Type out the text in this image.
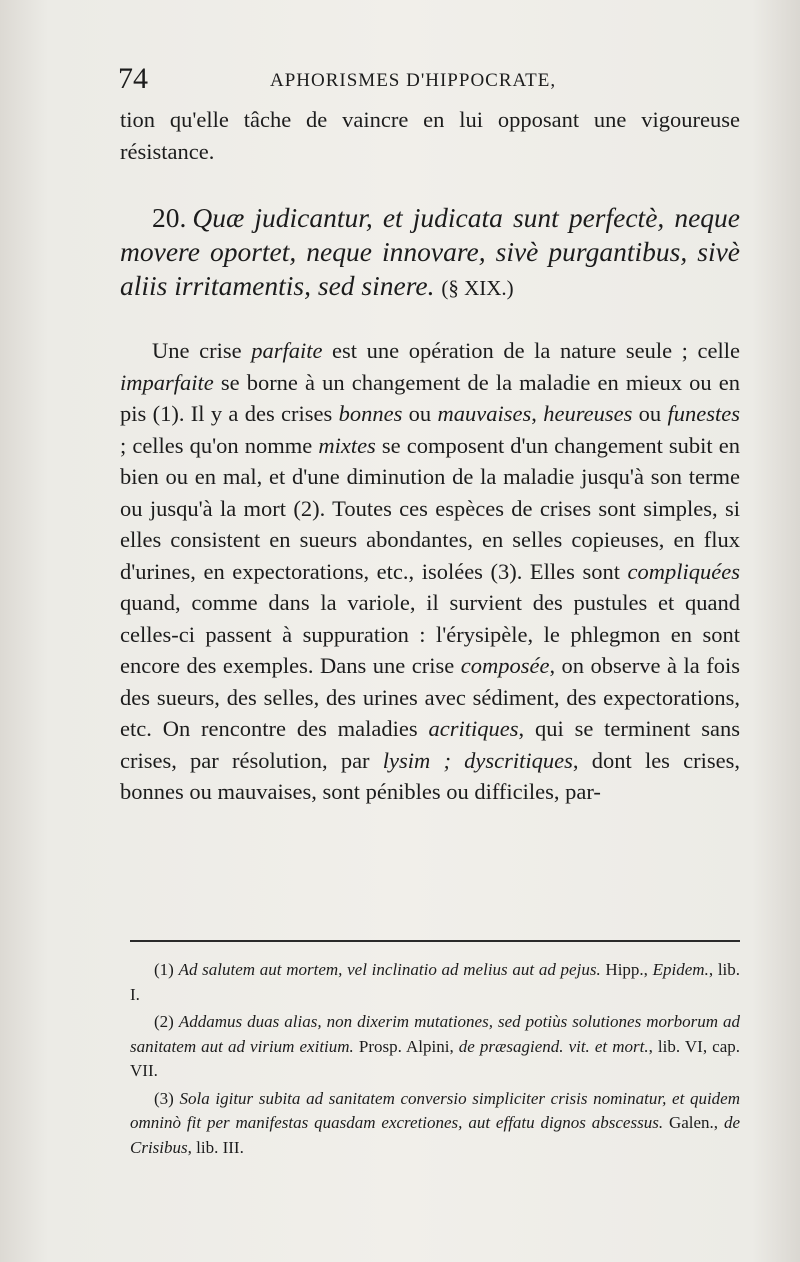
74	APHORISMES D'HIPPOCRATE,

tion qu'elle tâche de vaincre en lui opposant une vigoureuse résistance.

20. Quæ judicantur, et judicata sunt perfectè, neque movere oportet, neque innovare, sivè purgantibus, sivè aliis irritamentis, sed sinere. (§ XIX.)

Une crise parfaite est une opération de la nature seule ; celle imparfaite se borne à un changement de la maladie en mieux ou en pis (1). Il y a des crises bonnes ou mauvaises, heureuses ou funestes ; celles qu'on nomme mixtes se composent d'un changement subit en bien ou en mal, et d'une diminution de la maladie jusqu'à son terme ou jusqu'à la mort (2). Toutes ces espèces de crises sont simples, si elles consistent en sueurs abondantes, en selles copieuses, en flux d'urines, en expectorations, etc., isolées (3). Elles sont compliquées quand, comme dans la variole, il survient des pustules et quand celles-ci passent à suppuration : l'érysipèle, le phlegmon en sont encore des exemples. Dans une crise composée, on observe à la fois des sueurs, des selles, des urines avec sédiment, des expectorations, etc. On rencontre des maladies acritiques, qui se terminent sans crises, par résolution, par lysim ; dyscritiques, dont les crises, bonnes ou mauvaises, sont pénibles ou difficiles, par-

(1) Ad salutem aut mortem, vel inclinatio ad melius aut ad pejus. Hipp., Epidem., lib. I.

(2) Addamus duas alias, non dixerim mutationes, sed potiùs solutiones morborum ad sanitatem aut ad virium exitium. Prosp. Alpini, de præsagiend. vit. et mort., lib. VI, cap. VII.

(3) Sola igitur subita ad sanitatem conversio simpliciter crisis nominatur, et quidem omninò fit per manifestas quasdam excretiones, aut effatu dignos abscessus. Galen., de Crisibus, lib. III.
